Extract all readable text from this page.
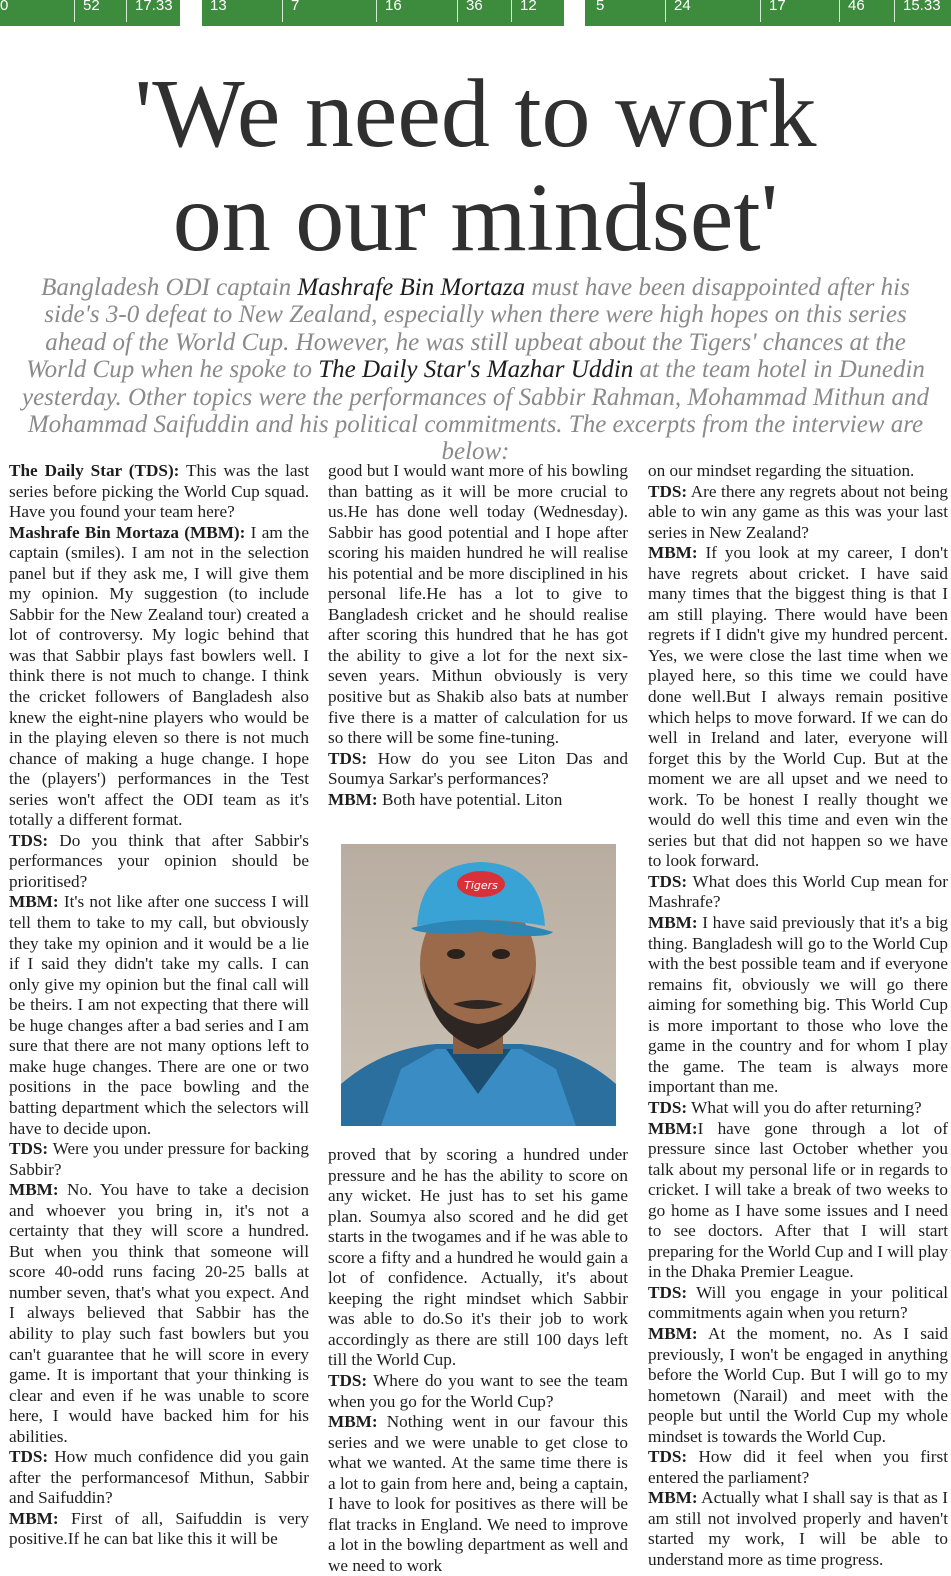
0	52	17.33 13	7	16	36	12	5	24	17	46	15.33
'We need to work
on our mindset'

Bangladesh ODI captain Mashrafe Bin Mortaza must have been disappointed after his side's 3-0 defeat to New Zealand, especially when there were high hopes on this series ahead of the World Cup. However, he was still upbeat about the Tigers' chances at the World Cup when he spoke to The Daily Star's Mazhar Uddin at the team hotel in Dunedin yesterday. Other topics were the performances of Sabbir Rahman, Mohammad Mithun and Mohammad Saifuddin and his political commitments. The excerpts from the interview are below:

The Daily Star (TDS): This was the last series before picking the World Cup squad. Have you found your team here?

Mashrafe Bin Mortaza (MBM): I am the captain (smiles). I am not in the selection panel but if they ask me, I will give them my opinion. My suggestion (to include Sabbir for the New Zealand tour) created a lot of controversy. My logic behind that was that Sabbir plays fast bowlers well. I think there is not much to change. I think the cricket followers of Bangladesh also knew the eight-nine players who would be in the playing eleven so there is not much chance of making a huge change. I hope the (players') performances in the Test series won't affect the ODI team as it's totally a different format.

TDS: Do you think that after Sabbir's performances your opinion should be prioritised?

MBM: It's not like after one success I will tell them to take to my call, but obviously they take my opinion and it would be a lie if I said they didn't take my calls. I can only give my opinion but the final call will be theirs. I am not expecting that there will be huge changes after a bad series and I am sure that there are not many options left to make huge changes. There are one or two positions in the pace bowling and the batting department which the selectors will have to decide upon.

TDS: Were you under pressure for backing Sabbir?

MBM: No. You have to take a decision and whoever you bring in, it's not a certainty that they will score a hundred. But when you think that someone will score 40-odd runs facing 20-25 balls at number seven, that's what you expect. And I always believed that Sabbir has the ability to play such fast bowlers but you can't guarantee that he will score in every game. It is important that your thinking is clear and even if he was unable to score here, I would have backed him for his abilities.

TDS: How much confidence did you gain after the performancesof Mithun, Sabbir and Saifuddin?

MBM: First of all, Saifuddin is very positive.If he can bat like this it will be

good but I would want more of his bowling than batting as it will be more crucial to us.He has done well today (Wednesday). Sabbir has good potential and I hope after scoring his maiden hundred he will realise his potential and be more disciplined in his personal life.He has a lot to give to Bangladesh cricket and he should realise after scoring this hundred that he has got the ability to give a lot for the next six-seven years. Mithun obviously is very positive but as Shakib also bats at number five there is a matter of calculation for us so there will be some fine-tuning.

TDS: How do you see Liton Das and Soumya Sarkar's performances?

MBM: Both have potential. Liton

Tigers

proved that by scoring a hundred under pressure and he has the ability to score on any wicket. He just has to set his game plan. Soumya also scored and he did get starts in the twogames and if he was able to score a fifty and a hundred he would gain a lot of confidence. Actually, it's about keeping the right mindset which Sabbir was able to do.So it's their job to work accordingly as there are still 100 days left till the World Cup.

TDS: Where do you want to see the team when you go for the World Cup?

MBM: Nothing went in our favour this series and we were unable to get close to what we wanted. At the same time there is a lot to gain from here and, being a captain, I have to look for positives as there will be flat tracks in England. We need to improve a lot in the bowling department as well and we need to work

on our mindset regarding the situation.

TDS: Are there any regrets about not being able to win any game as this was your last series in New Zealand?

MBM: If you look at my career, I don't have regrets about cricket. I have said many times that the biggest thing is that I am still playing. There would have been regrets if I didn't give my hundred percent. Yes, we were close the last time when we played here, so this time we could have done well.But I always remain positive which helps to move forward. If we can do well in Ireland and later, everyone will forget this by the World Cup. But at the moment we are all upset and we need to work. To be honest I really thought we would do well this time and even win the series but that did not happen so we have to look forward.

TDS: What does this World Cup mean for Mashrafe?

MBM: I have said previously that it's a big thing. Bangladesh will go to the World Cup with the best possible team and if everyone remains fit, obviously we will go there aiming for something big. This World Cup is more important to those who love the game in the country and for whom I play the game. The team is always more important than me.

TDS: What will you do after returning?

MBM:I have gone through a lot of pressure since last October whether you talk about my personal life or in regards to cricket. I will take a break of two weeks to go home as I have some issues and I need to see doctors. After that I will start preparing for the World Cup and I will play in the Dhaka Premier League.

TDS: Will you engage in your political commitments again when you return?

MBM: At the moment, no. As I said previously, I won't be engaged in anything before the World Cup. But I will go to my hometown (Narail) and meet with the people but until the World Cup my whole mindset is towards the World Cup.

TDS: How did it feel when you first entered the parliament?

MBM: Actually what I shall say is that as I am still not involved properly and haven't started my work, I will be able to understand more as time progress.
